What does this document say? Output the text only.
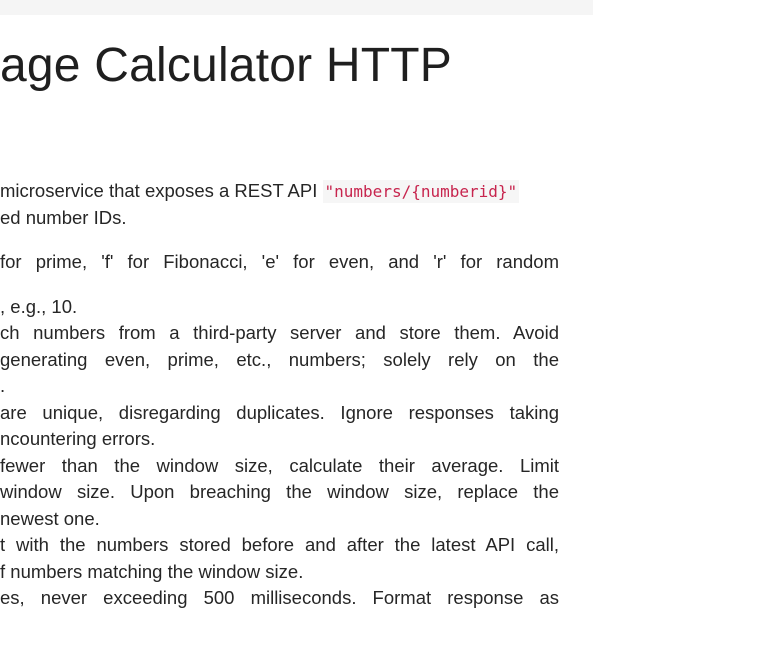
age Calculator HTTP
microservice that exposes a REST API "numbers/{numberid}"
ed number IDs.
for prime, 'f' for Fibonacci, 'e' for even, and 'r' for random
, e.g., 10.
ch numbers from a third-party server and store them. Avoid
generating even, prime, etc., numbers; solely rely on the
.
are unique, disregarding duplicates. Ignore responses taking
ncountering errors.
fewer than the window size, calculate their average. Limit
window size. Upon breaching the window size, replace the
newest one.
t with the numbers stored before and after the latest API call,
f numbers matching the window size.
es, never exceeding 500 milliseconds. Format response as
